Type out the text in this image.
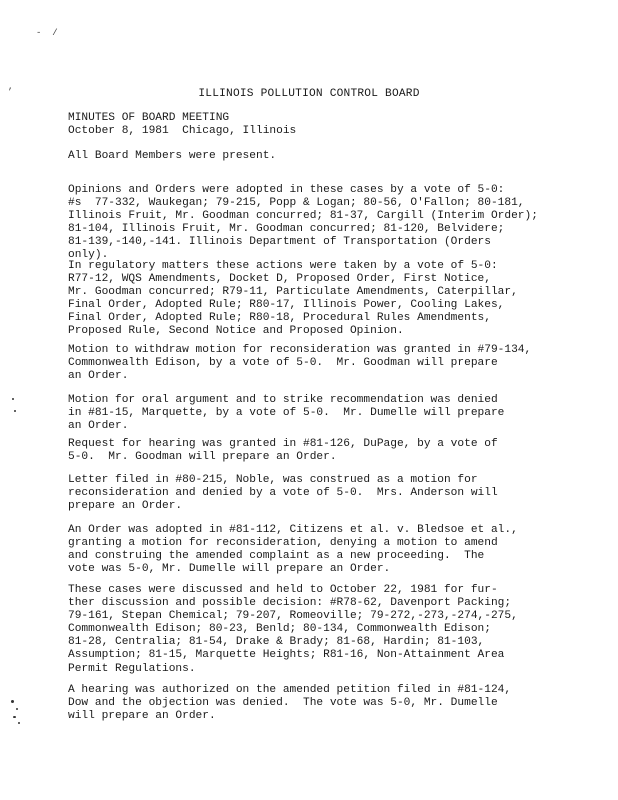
-  /
,
ILLINOIS POLLUTION CONTROL BOARD
MINUTES OF BOARD MEETING
October 8, 1981  Chicago, Illinois
All Board Members were present.
Opinions and Orders were adopted in these cases by a vote of 5-0:
#s  77-332, Waukegan; 79-215, Popp & Logan; 80-56, O'Fallon; 80-181,
Illinois Fruit, Mr. Goodman concurred; 81-37, Cargill (Interim Order);
81-104, Illinois Fruit, Mr. Goodman concurred; 81-120, Belvidere;
81-139,-140,-141. Illinois Department of Transportation (Orders
only).
In regulatory matters these actions were taken by a vote of 5-0:
R77-12, WQS Amendments, Docket D, Proposed Order, First Notice,
Mr. Goodman concurred; R79-11, Particulate Amendments, Caterpillar,
Final Order, Adopted Rule; R80-17, Illinois Power, Cooling Lakes,
Final Order, Adopted Rule; R80-18, Procedural Rules Amendments,
Proposed Rule, Second Notice and Proposed Opinion.
Motion to withdraw motion for reconsideration was granted in #79-134,
Commonwealth Edison, by a vote of 5-0.  Mr. Goodman will prepare
an Order.
Motion for oral argument and to strike recommendation was denied
in #81-15, Marquette, by a vote of 5-0.  Mr. Dumelle will prepare
an Order.
Request for hearing was granted in #81-126, DuPage, by a vote of
5-0.  Mr. Goodman will prepare an Order.
Letter filed in #80-215, Noble, was construed as a motion for
reconsideration and denied by a vote of 5-0.  Mrs. Anderson will
prepare an Order.
An Order was adopted in #81-112, Citizens et al. v. Bledsoe et al.,
granting a motion for reconsideration, denying a motion to amend
and construing the amended complaint as a new proceeding.  The
vote was 5-0, Mr. Dumelle will prepare an Order.
These cases were discussed and held to October 22, 1981 for fur-
ther discussion and possible decision: #R78-62, Davenport Packing;
79-161, Stepan Chemical; 79-207, Romeoville; 79-272,-273,-274,-275,
Commonwealth Edison; 80-23, Benld; 80-134, Commonwealth Edison;
81-28, Centralia; 81-54, Drake & Brady; 81-68, Hardin; 81-103,
Assumption; 81-15, Marquette Heights; R81-16, Non-Attainment Area
Permit Regulations.
A hearing was authorized on the amended petition filed in #81-124,
Dow and the objection was denied.  The vote was 5-0, Mr. Dumelle
will prepare an Order.
